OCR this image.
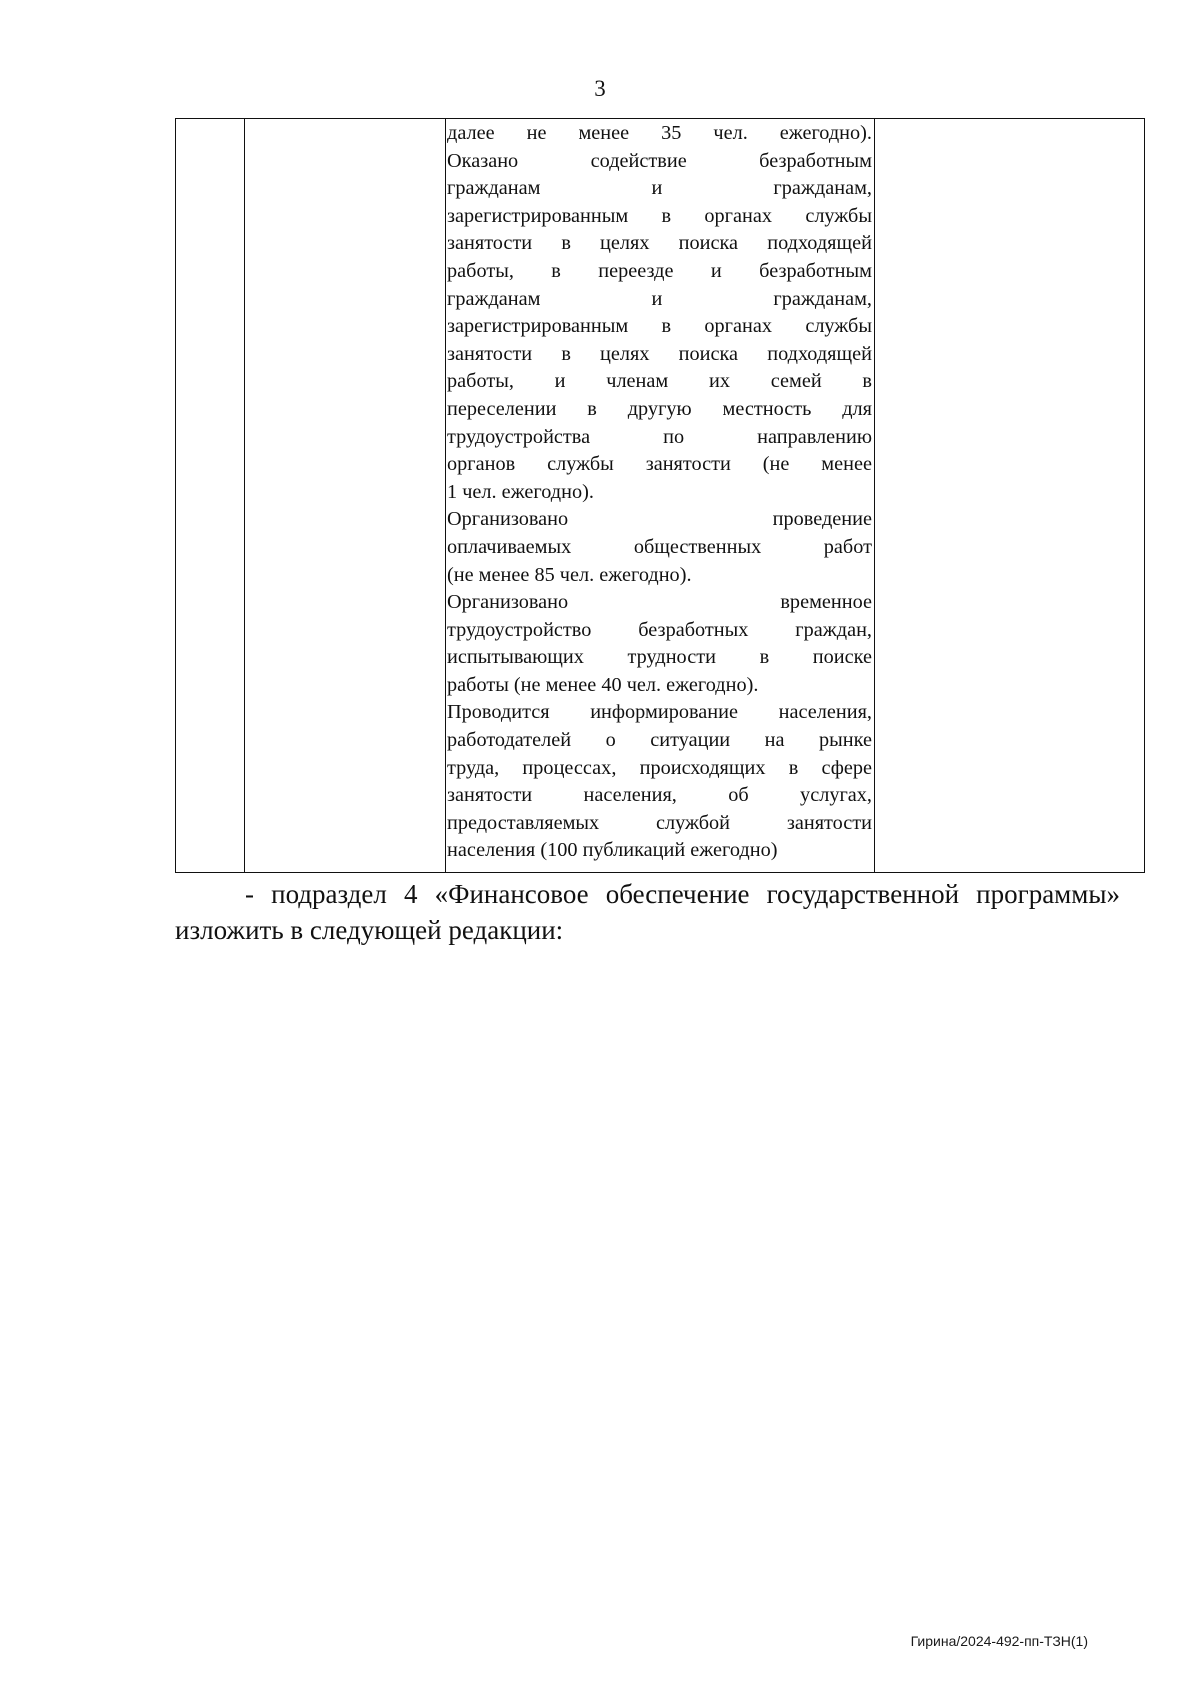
3
далее не менее 35 чел. ежегодно).
Оказано содействие безработным
гражданам и гражданам,
зарегистрированным в органах службы
занятости в целях поиска подходящей
работы, в переезде и безработным
гражданам и гражданам,
зарегистрированным в органах службы
занятости в целях поиска подходящей
работы, и членам их семей в
переселении в другую местность для
трудоустройства по направлению
органов службы занятости (не менее
1 чел. ежегодно).
Организовано проведение
оплачиваемых общественных работ
(не менее 85 чел. ежегодно).
Организовано временное
трудоустройство безработных граждан,
испытывающих трудности в поиске
работы (не менее 40 чел. ежегодно).
Проводится информирование населения,
работодателей о ситуации на рынке
труда, процессах, происходящих в сфере
занятости населения, об услугах,
предоставляемых службой занятости
населения (100 публикаций ежегодно)
- подраздел 4 «Финансовое обеспечение государственной программы»
изложить в следующей редакции:
Гирина/2024-492-пп-ТЗН(1)
